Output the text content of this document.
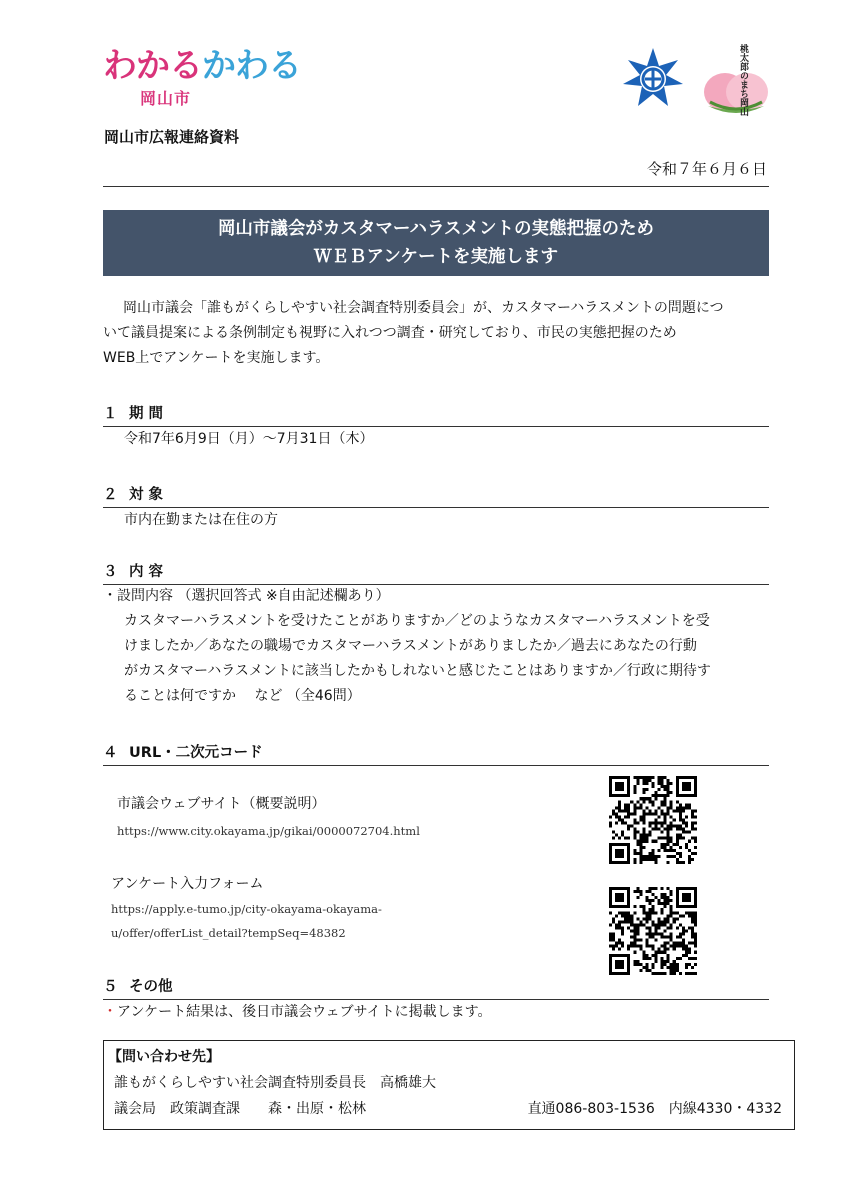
わかるかわる
岡山市	桃太郎のまち岡山
岡山市広報連絡資料
令和７年６月６日
岡山市議会がカスタマーハラスメントの実態把握のため
ＷＥＢアンケートを実施します
岡山市議会「誰もがくらしやすい社会調査特別委員会」が、カスタマーハラスメントの問題につ
いて議員提案による条例制定も視野に入れつつ調査・研究しており、市民の実態把握のため
WEB上でアンケートを実施します。
１ 期 間
令和7年6月9日（月）～7月31日（木）
２ 対 象
市内在勤または在住の方
３ 内 容
・設問内容 （選択回答式 ※自由記述欄あり）
カスタマーハラスメントを受けたことがありますか／どのようなカスタマーハラスメントを受
けましたか／あなたの職場でカスタマーハラスメントがありましたか／過去にあなたの行動
がカスタマーハラスメントに該当したかもしれないと感じたことはありますか／行政に期待す
ることは何ですか　 など （全46問）
４ URL・二次元コード
市議会ウェブサイト（概要説明）
https://www.city.okayama.jp/gikai/0000072704.html
アンケート入力フォーム
https://apply.e-tumo.jp/city-okayama-okayama-
u/offer/offerList_detail?tempSeq=48382
５ その他
・アンケート結果は、後日市議会ウェブサイトに掲載します。
【問い合わせ先】
誰もがくらしやすい社会調査特別委員長　高橋雄大
議会局　政策調査課　　森・出原・松林	直通086-803-1536　内線4330・4332
